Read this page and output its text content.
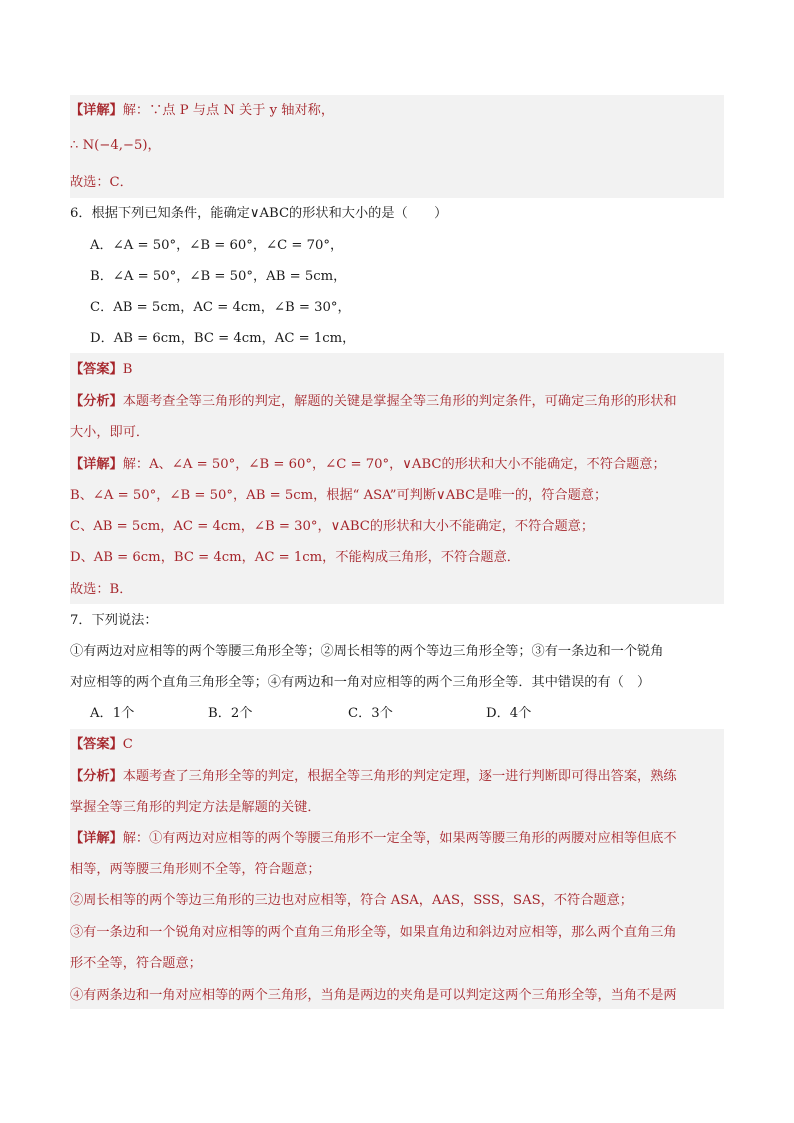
【详解】解：∵点 P 与点 N 关于 y 轴对称，
∴ N(−4,−5)，
故选：C．
6．根据下列已知条件，能确定∨ABC的形状和大小的是（　　）
A．∠A = 50°，∠B = 60°，∠C = 70°，
B．∠A = 50°，∠B = 50°，AB = 5cm，
C．AB = 5cm，AC = 4cm，∠B = 30°，
D．AB = 6cm，BC = 4cm，AC = 1cm，
【答案】B
【分析】本题考查全等三角形的判定，解题的关键是掌握全等三角形的判定条件，可确定三角形的形状和
大小，即可．
【详解】解：A、∠A = 50°，∠B = 60°，∠C = 70°，∨ABC的形状和大小不能确定，不符合题意；
B、∠A = 50°，∠B = 50°，AB = 5cm，根据“ ASA”可判断∨ABC是唯一的，符合题意；
C、AB = 5cm，AC = 4cm，∠B = 30°，∨ABC的形状和大小不能确定，不符合题意；
D、AB = 6cm，BC = 4cm，AC = 1cm，不能构成三角形，不符合题意．
故选：B．
7．下列说法：
①有两边对应相等的两个等腰三角形全等；②周长相等的两个等边三角形全等；③有一条边和一个锐角
对应相等的两个直角三角形全等；④有两边和一角对应相等的两个三角形全等．其中错误的有（　）
A．1个	B．2个	C．3个	D．4个
【答案】C
【分析】本题考查了三角形全等的判定，根据全等三角形的判定定理，逐一进行判断即可得出答案，熟练
掌握全等三角形的判定方法是解题的关键．
【详解】解：①有两边对应相等的两个等腰三角形不一定全等，如果两等腰三角形的两腰对应相等但底不
相等，两等腰三角形则不全等，符合题意；
②周长相等的两个等边三角形的三边也对应相等，符合 ASA，AAS，SSS，SAS，不符合题意；
③有一条边和一个锐角对应相等的两个直角三角形全等，如果直角边和斜边对应相等，那么两个直角三角
形不全等，符合题意；
④有两条边和一角对应相等的两个三角形，当角是两边的夹角是可以判定这两个三角形全等，当角不是两
